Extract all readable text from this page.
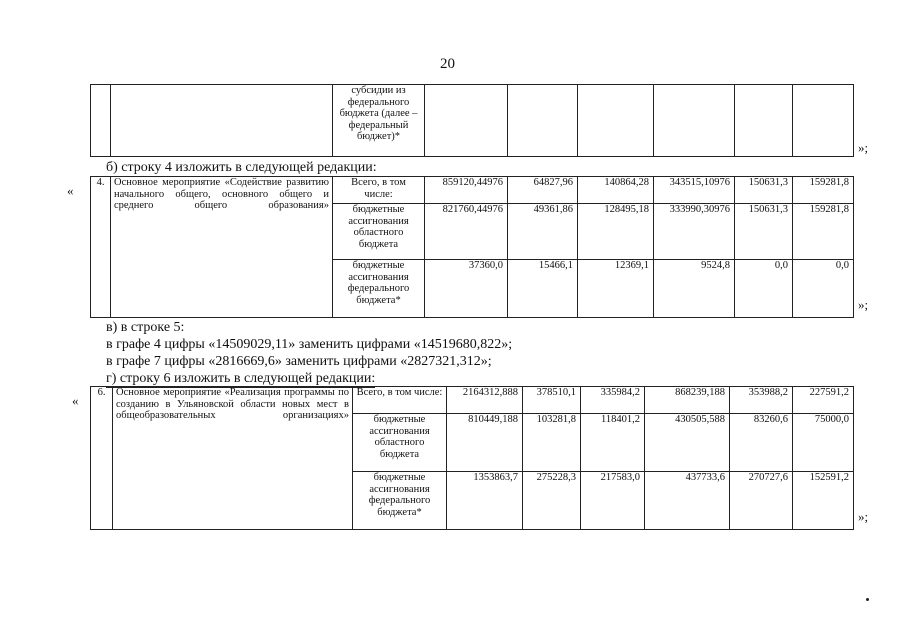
20
		субсидии из федерального бюджета (далее – федеральный бюджет)*						
»;
б) строку 4 изложить в следующей редакции:
«
4.	Основное мероприятие «Содействие развитию начального общего, основного общего и среднего общего образования»	Всего, в том числе:	859120,44976	64827,96	140864,28	343515,10976	150631,3	159281,8
		бюджетные ассигнования областного бюджета	821760,44976	49361,86	128495,18	333990,30976	150631,3	159281,8
		бюджетные ассигнования федерального бюджета*	37360,0	15466,1	12369,1	9524,8	0,0	0,0
»;
в) в строке 5:
в графе 4 цифры «14509029,11» заменить цифрами «14519680,822»;
в графе 7 цифры «2816669,6» заменить цифрами «2827321,312»;
г) строку 6 изложить в следующей редакции:
«
6.	Основное мероприятие «Реализация программы по созданию в Ульяновской области новых мест в общеобразовательных организациях»	Всего, в том числе:	2164312,888	378510,1	335984,2	868239,188	353988,2	227591,2
		бюджетные ассигнования областного бюджета	810449,188	103281,8	118401,2	430505,588	83260,6	75000,0
		бюджетные ассигнования федерального бюджета*	1353863,7	275228,3	217583,0	437733,6	270727,6	152591,2
»;
